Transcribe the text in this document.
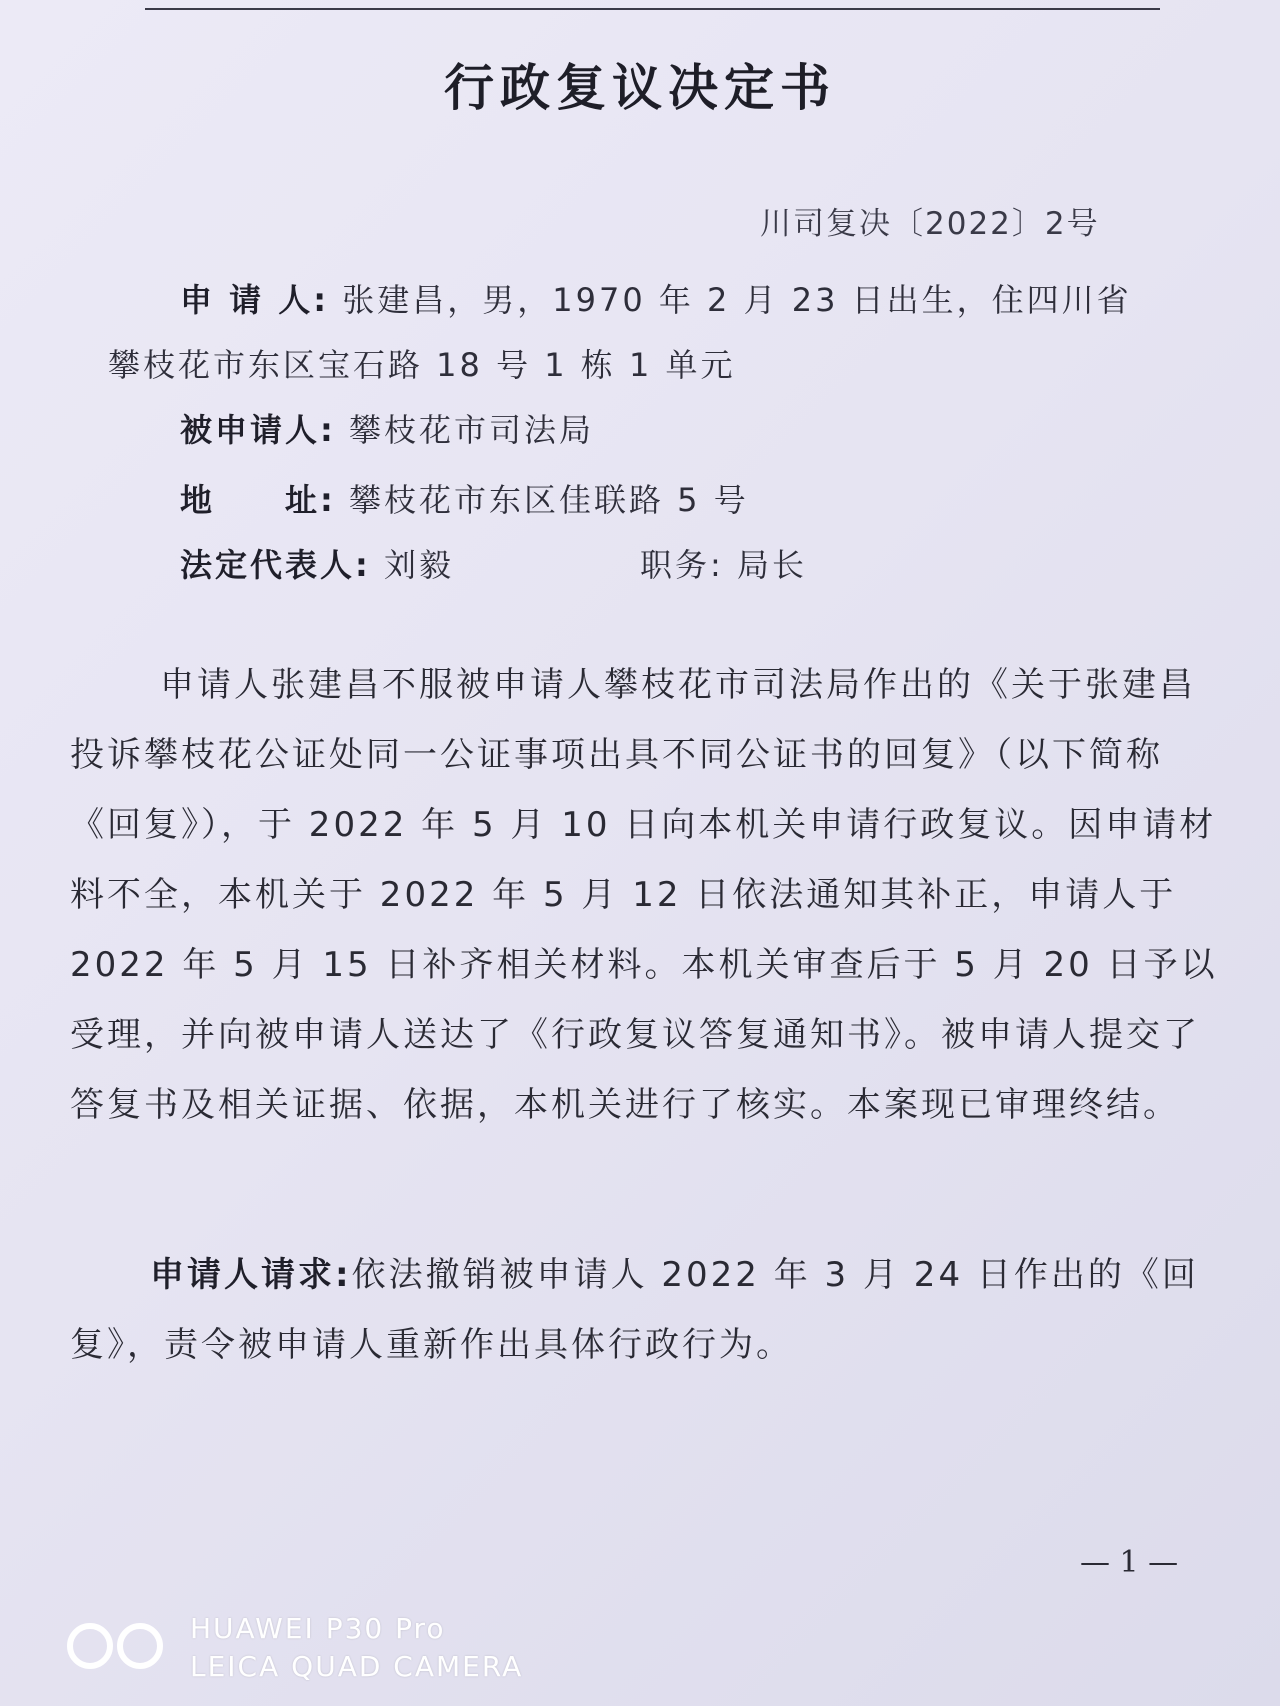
行政复议决定书
川司复决〔2022〕2号
申 请 人: 张建昌，男，1970 年 2 月 23 日出生，住四川省
攀枝花市东区宝石路 18 号 1 栋 1 单元
被申请人: 攀枝花市司法局
地　　址: 攀枝花市东区佳联路 5 号
法定代表人: 刘毅	职务: 局长
申请人张建昌不服被申请人攀枝花市司法局作出的《关于张建昌投诉攀枝花公证处同一公证事项出具不同公证书的回复》（以下简称《回复》），于 2022 年 5 月 10 日向本机关申请行政复议。因申请材料不全，本机关于 2022 年 5 月 12 日依法通知其补正，申请人于 2022 年 5 月 15 日补齐相关材料。本机关审查后于 5 月 20 日予以受理，并向被申请人送达了《行政复议答复通知书》。被申请人提交了答复书及相关证据、依据，本机关进行了核实。本案现已审理终结。
申请人请求:依法撤销被申请人 2022 年 3 月 24 日作出的《回复》，责令被申请人重新作出具体行政行为。
— 1 —
HUAWEI P30 Pro
LEICA QUAD CAMERA
